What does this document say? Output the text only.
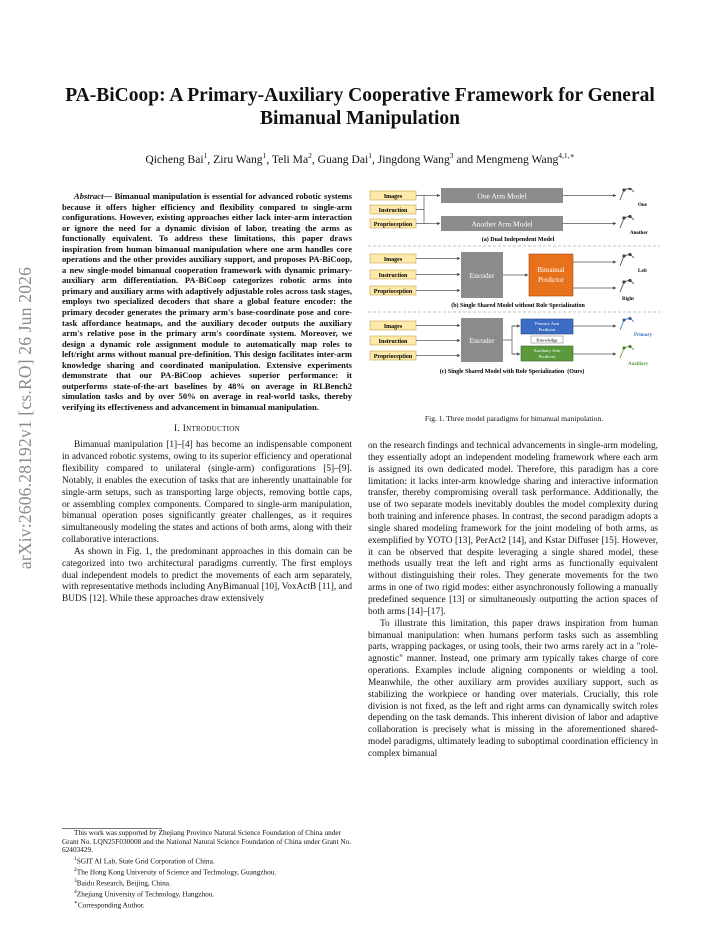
arXiv:2606.28192v1 [cs.RO] 26 Jun 2026
PA-BiCoop: A Primary-Auxiliary Cooperative Framework for General
Bimanual Manipulation
Qicheng Bai$^1$, Ziru Wang$^1$, Teli Ma$^2$, Guang Dai$^1$, Jingdong Wang$^3$ and Mengmeng Wang$^{4,1,∗}$

Abstract— Bimanual manipulation is essential for advanced robotic systems because it offers higher efficiency and flexibility compared to single-arm configurations. However, existing approaches either lack inter-arm interaction or ignore the need for a dynamic division of labor, treating the arms as functionally equivalent. To address these limitations, this paper draws inspiration from human bimanual manipulation where one arm handles core operations and the other provides auxiliary support, and proposes PA-BiCoop, a new single-model bimanual cooperation framework with dynamic primary-auxiliary arm differentiation. PA-BiCoop categorizes robotic arms into primary and auxiliary arms with adaptively adjustable roles across task stages, employs two specialized decoders that share a global feature encoder: the primary decoder generates the primary arm's base-coordinate pose and core-task affordance heatmaps, and the auxiliary decoder outputs the auxiliary arm's relative pose in the primary arm's coordinate system. Moreover, we design a dynamic role assignment module to automatically map roles to left/right arms without manual pre-definition. This design facilitates inter-arm knowledge sharing and coordinated manipulation. Extensive experiments demonstrate that our PA-BiCoop achieves superior performance: it outperforms state-of-the-art baselines by 48% on average in RLBench2 simulation tasks and by over 50% on average in real-world tasks, thereby verifying its effectiveness and advancement in bimanual manipulation.

I. Introduction

Bimanual manipulation [1]–[4] has become an indispensable component in advanced robotic systems, owing to its superior efficiency and operational flexibility compared to unilateral (single-arm) configurations [5]–[9]. Notably, it enables the execution of tasks that are inherently unattainable for single-arm setups, such as transporting large objects, removing bottle caps, or assembling complex components. Compared to single-arm manipulation, bimanual operation poses significantly greater challenges, as it requires simultaneously modeling the states and actions of both arms, along with their collaborative interactions.

As shown in Fig. 1, the predominant approaches in this domain can be categorized into two architectural paradigms currently. The first employs dual independent models to predict the movements of each arm separately, with representative methods including AnyBimanual [10], VoxActB [11], and BUDS [12]. While these approaches draw extensively

This work was supported by Zhejiang Province Natural Science Foundation of China under Grant No. LQN25F030008 and the National Natural Science Foundation of China under Grant No. 62403429.
$^1$SGIT AI Lab, State Grid Corporation of China.
$^2$The Hong Kong University of Science and Technology, Guangzhou.
$^3$Baidu Research, Beijing, China.
$^4$Zhejiang University of Technology, Hangzhou.
∗Corresponding Author.
Images
Instruction
Proprioception
One Arm Model
Another Arm Model
One
Another
(a) Dual Independent Model
Images
Instruction
Proprioception
Encoder
Bimanual
Predictor
Left
Right
(b) Single Shared Model without Role Specialization
Images
Instruction
Proprioception
Encoder
Primary Arm
Predictor
Knowledge
Auxiliary Arm
Predictor
Primary
Auxiliary
(c) Single Shared Model with Role Specialization (Ours)
Fig. 1. Three model paradigms for bimanual manipulation.

on the research findings and technical advancements in single-arm modeling, they essentially adopt an independent modeling framework where each arm is assigned its own dedicated model. Therefore, this paradigm has a core limitation: it lacks inter-arm knowledge sharing and interactive information transfer, thereby compromising overall task performance. Additionally, the use of two separate models inevitably doubles the model complexity during both training and inference phases. In contrast, the second paradigm adopts a single shared modeling framework for the joint modeling of both arms, as exemplified by YOTO [13], PerAct2 [14], and Kstar Diffuser [15]. However, it can be observed that despite leveraging a single shared model, these methods usually treat the left and right arms as functionally equivalent without distinguishing their roles. They generate movements for the two arms in one of two rigid modes: either asynchronously following a manually predefined sequence [13] or simultaneously outputting the action spaces of both arms [14]–[17].

To illustrate this limitation, this paper draws inspiration from human bimanual manipulation: when humans perform tasks such as assembling parts, wrapping packages, or using tools, their two arms rarely act in a "role-agnostic" manner. Instead, one primary arm typically takes charge of core operations. Examples include aligning components or wielding a tool. Meanwhile, the other auxiliary arm provides auxiliary support, such as stabilizing the workpiece or handing over materials. Crucially, this role division is not fixed, as the left and right arms can dynamically switch roles depending on the task demands. This inherent division of labor and adaptive collaboration is precisely what is missing in the aforementioned shared-model paradigms, ultimately leading to suboptimal coordination efficiency in complex bimanual
